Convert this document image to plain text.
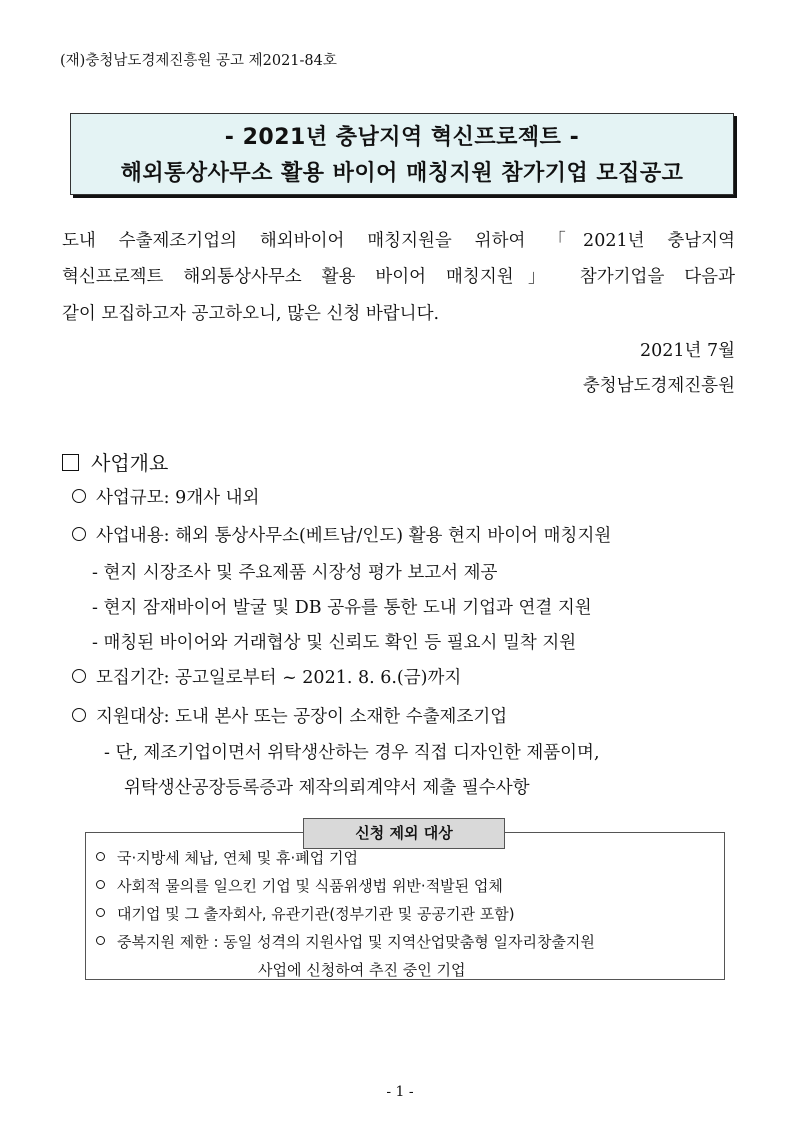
(재)충청남도경제진흥원 공고 제2021-84호
- 2021년 충남지역 혁신프로젝트 -
해외통상사무소 활용 바이어 매칭지원 참가기업 모집공고
도내 수출제조기업의 해외바이어 매칭지원을 위하여 「2021년 충남지역
혁신프로젝트 해외통상사무소 활용 바이어 매칭지원」 참가기업을 다음과
같이 모집하고자 공고하오니, 많은 신청 바랍니다.
2021년 7월
충청남도경제진흥원
사업개요
사업규모: 9개사 내외
사업내용: 해외 통상사무소(베트남/인도) 활용 현지 바이어 매칭지원
- 현지 시장조사 및 주요제품 시장성 평가 보고서 제공
- 현지 잠재바이어 발굴 및 DB 공유를 통한 도내 기업과 연결 지원
- 매칭된 바이어와 거래협상 및 신뢰도 확인 등 필요시 밀착 지원
모집기간: 공고일로부터 ~ 2021. 8. 6.(금)까지
지원대상: 도내 본사 또는 공장이 소재한 수출제조기업
- 단, 제조기업이면서 위탁생산하는 경우 직접 디자인한 제품이며,
위탁생산공장등록증과 제작의뢰계약서 제출 필수사항
신청 제외 대상
국·지방세 체납, 연체 및 휴·폐업 기업
사회적 물의를 일으킨 기업 및 식품위생법 위반·적발된 업체
대기업 및 그 출자회사, 유관기관(정부기관 및 공공기관 포함)
중복지원 제한 : 동일 성격의 지원사업 및 지역산업맞춤형 일자리창출지원
사업에 신청하여 추진 중인 기업
- 1 -
